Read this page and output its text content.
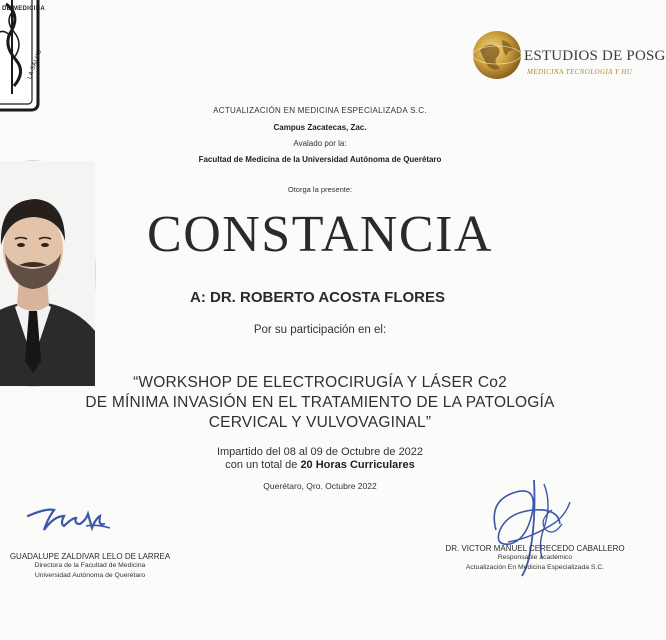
DE MEDICINA
LA SALUD	ESTUDIOS DE POSG
MEDICINA TECNOLOGIA Y HU
ACTUALIZACIÓN EN MEDICINA ESPECIALIZADA S.C.
Campus Zacatecas, Zac.
Avalado por la:
Facultad de Medicina de la Universidad Autónoma de Querétaro
Otorga la presente:
CONSTANCIA
A: DR. ROBERTO ACOSTA FLORES
Por su participación en el:
“WORKSHOP DE ELECTROCIRUGÍA Y LÁSER Co2
DE MÍNIMA INVASIÓN EN EL TRATAMIENTO DE LA PATOLOGÍA
CERVICAL Y VULVOVAGINAL”
Impartido del 08 al 09 de Octubre de 2022
con un total de 20 Horas Curriculares
Querétaro, Qro. Octubre 2022
GUADALUPE ZALDIVAR LELO DE LARREA
Directora de la Facultad de Medicina
Universidad Autónoma de Querétaro
DR. VICTOR MANUEL CERECEDO CABALLERO
Responsable académico
Actualización En Medicina Especializada S.C.
